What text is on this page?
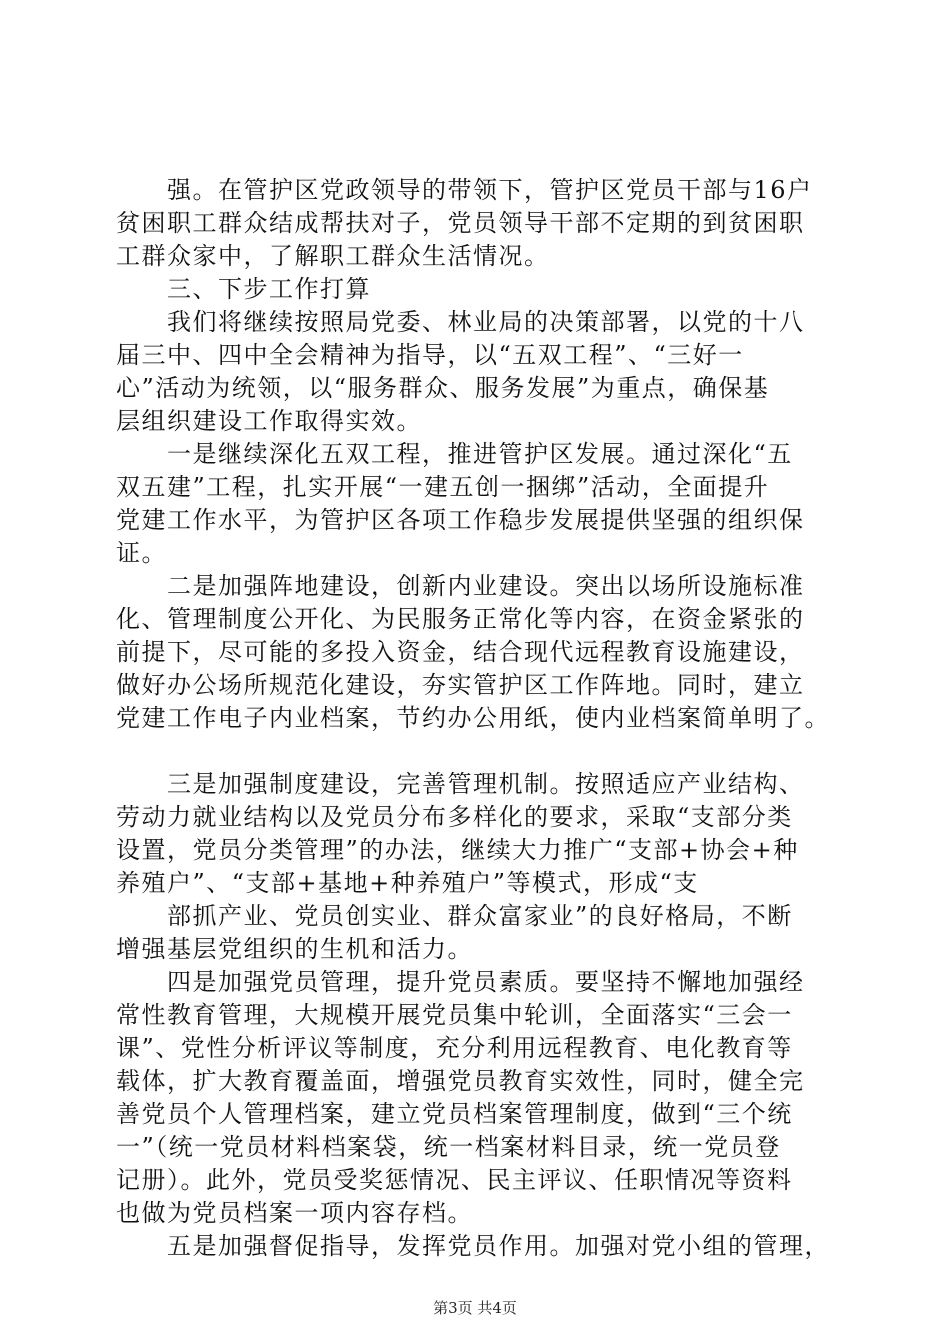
　　强。在管护区党政领导的带领下，管护区党员干部与16户
贫困职工群众结成帮扶对子，党员领导干部不定期的到贫困职
工群众家中，了解职工群众生活情况。
　　三、下步工作打算
　　我们将继续按照局党委、林业局的决策部署，以党的十八
届三中、四中全会精神为指导，以“五双工程”、“三好一
心”活动为统领，以“服务群众、服务发展”为重点，确保基
层组织建设工作取得实效。
　　一是继续深化五双工程，推进管护区发展。通过深化“五
双五建”工程，扎实开展“一建五创一捆绑”活动，全面提升
党建工作水平，为管护区各项工作稳步发展提供坚强的组织保
证。
　　二是加强阵地建设，创新内业建设。突出以场所设施标准
化、管理制度公开化、为民服务正常化等内容，在资金紧张的
前提下，尽可能的多投入资金，结合现代远程教育设施建设，
做好办公场所规范化建设，夯实管护区工作阵地。同时，建立
党建工作电子内业档案，节约办公用纸，使内业档案简单明了。
　　三是加强制度建设，完善管理机制。按照适应产业结构、
劳动力就业结构以及党员分布多样化的要求，采取“支部分类
设置，党员分类管理”的办法，继续大力推广“支部+协会+种
养殖户”、“支部+基地+种养殖户”等模式，形成“支
　　部抓产业、党员创实业、群众富家业”的良好格局，不断
增强基层党组织的生机和活力。
　　四是加强党员管理，提升党员素质。要坚持不懈地加强经
常性教育管理，大规模开展党员集中轮训，全面落实“三会一
课”、党性分析评议等制度，充分利用远程教育、电化教育等
载体，扩大教育覆盖面，增强党员教育实效性，同时，健全完
善党员个人管理档案，建立党员档案管理制度，做到“三个统
一”（统一党员材料档案袋，统一档案材料目录，统一党员登
记册）。此外，党员受奖惩情况、民主评议、任职情况等资料
也做为党员档案一项内容存档。
　　五是加强督促指导，发挥党员作用。加强对党小组的管理，
第3页 共4页
